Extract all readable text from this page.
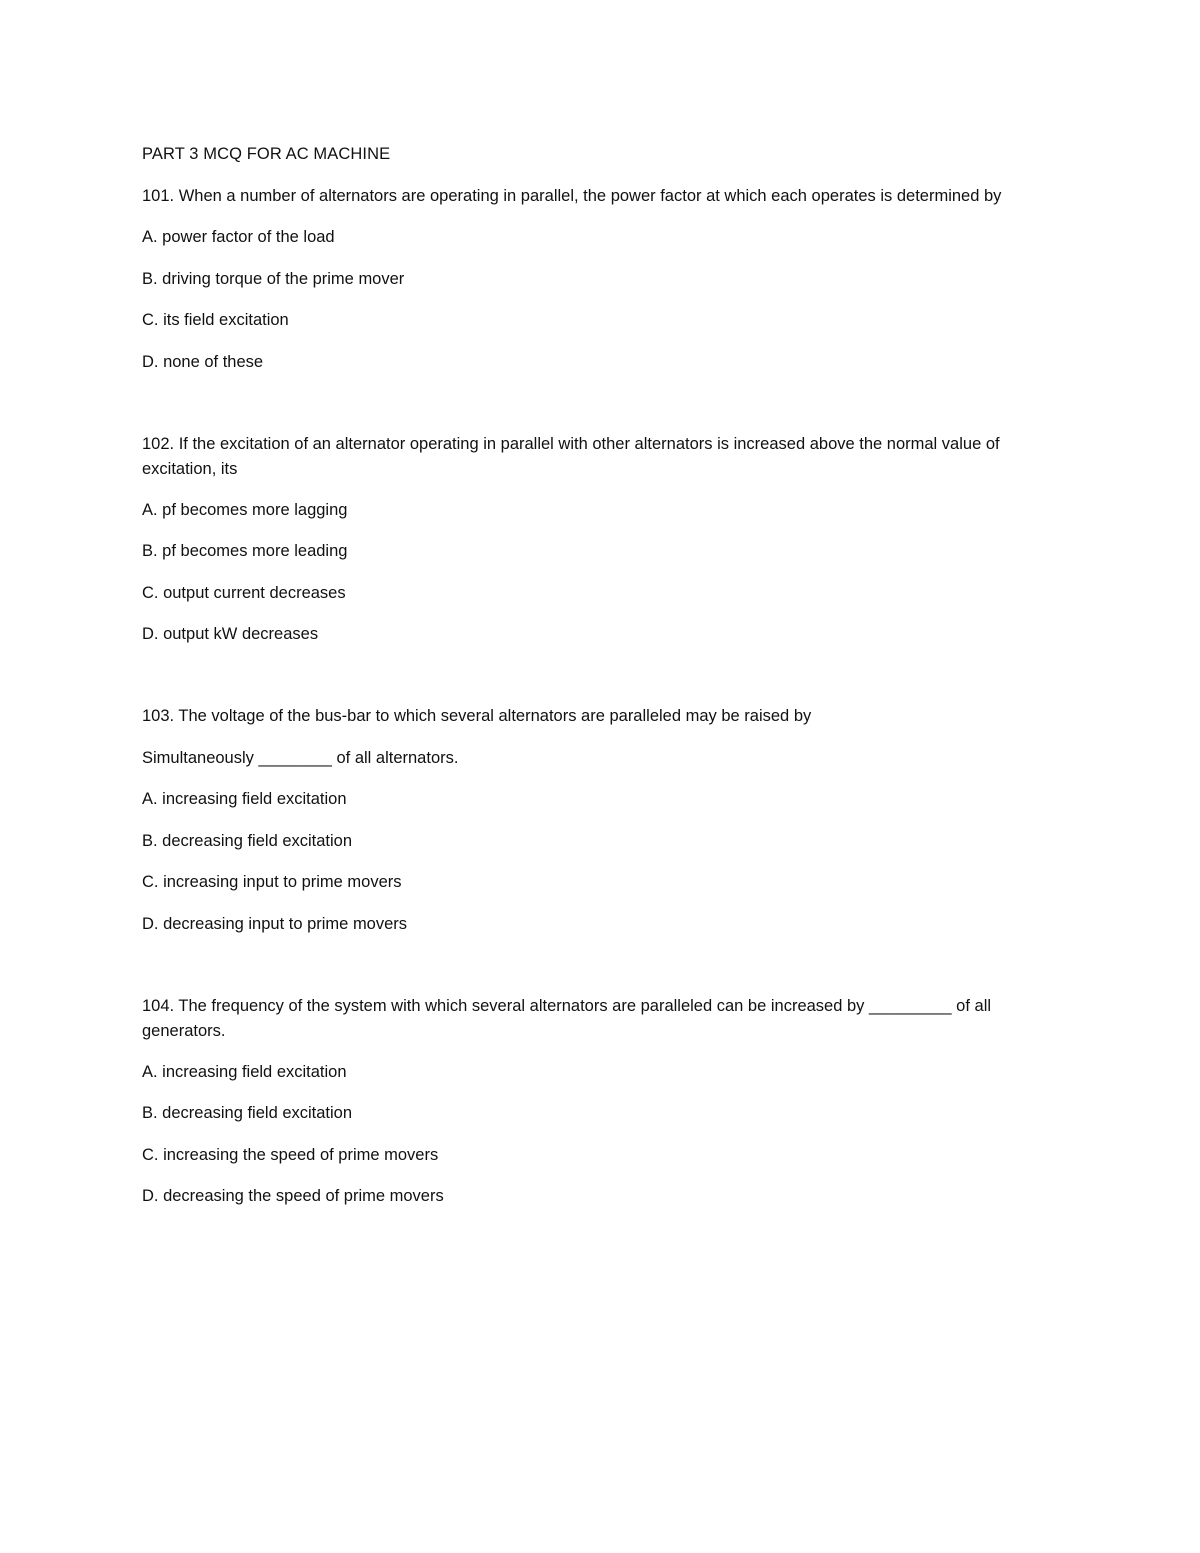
PART 3 MCQ FOR AC MACHINE
101. When a number of alternators are operating in parallel, the power factor at which each operates is determined by
A. power factor of the load
B. driving torque of the prime mover
C. its field excitation
D. none of these
102. If the excitation of an alternator operating in parallel with other alternators is increased above the normal value of excitation, its
A. pf becomes more lagging
B. pf becomes more leading
C. output current decreases
D. output kW decreases
103. The voltage of the bus-bar to which several alternators are paralleled may be raised by
Simultaneously ________ of all alternators.
A. increasing field excitation
B. decreasing field excitation
C. increasing input to prime movers
D. decreasing input to prime movers
104. The frequency of the system with which several alternators are paralleled can be increased by _________ of all generators.
A. increasing field excitation
B. decreasing field excitation
C. increasing the speed of prime movers
D. decreasing the speed of prime movers
